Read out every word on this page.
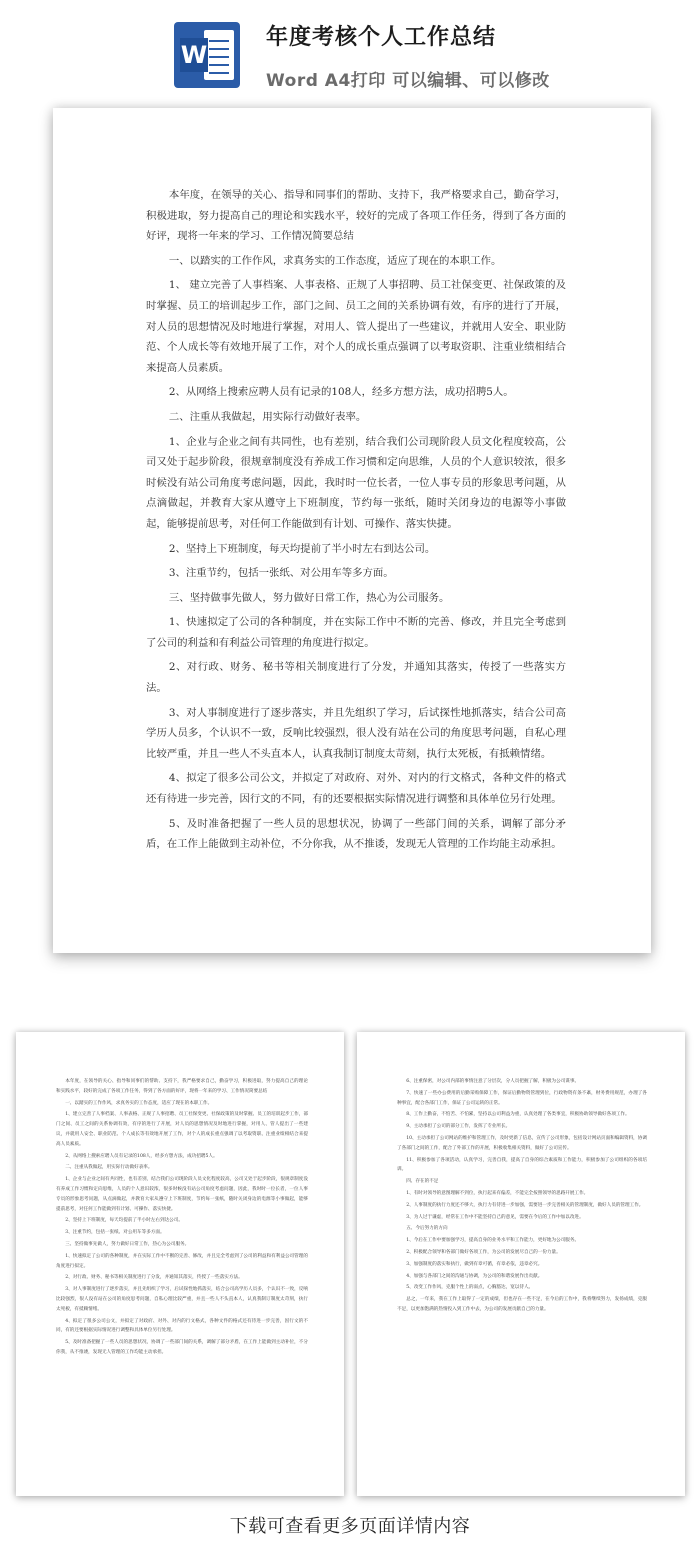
W
年度考核个人工作总结
Word A4打印 可以编辑、可以修改

本年度，在领导的关心、指导和同事们的帮助、支持下，我严格要求自己，勤奋学习，积极进取，努力提高自己的理论和实践水平，较好的完成了各项工作任务，得到了各方面的好评，现将一年来的学习、工作情况简要总结

一、以踏实的工作作风，求真务实的工作态度，适应了现在的本职工作。

1、 建立完善了人事档案、人事表格、正规了人事招聘、员工社保变更、社保政策的及时掌握、员工的培训起步工作，部门之间、员工之间的关系协调有效，有序的进行了开展，对人员的思想情况及时地进行掌握，对用人、管人提出了一些建议，并就用人安全、职业防范、个人成长等有效地开展了工作，对个人的成长重点强调了以考取资职、注重业绩相结合来提高人员素质。

2、从网络上搜索应聘人员有记录的108人，经多方想方法，成功招聘5人。

二、注重从我做起，用实际行动做好表率。

1、企业与企业之间有共同性，也有差别，结合我们公司现阶段人员文化程度较高，公司又处于起步阶段，很规章制度没有养成工作习惯和定向思维，人员的个人意识较浓，很多时候没有站公司角度考虑问题，因此，我时时一位长者，一位人事专员的形象思考问题，从点滴做起，并教育大家从遵守上下班制度，节约每一张纸，随时关闭身边的电源等小事做起，能够提前思考，对任何工作能做到有计划、可操作、落实快捷。

2、坚持上下班制度，每天均提前了半小时左右到达公司。

3、注重节约，包括一张纸、对公用车等多方面。

三、坚持做事先做人，努力做好日常工作，热心为公司服务。

1、快速拟定了公司的各种制度，并在实际工作中不断的完善、修改，并且完全考虑到了公司的利益和有利益公司管理的角度进行拟定。

2、对行政、财务、秘书等相关制度进行了分发，并通知其落实，传授了一些落实方法。

3、对人事制度进行了逐步落实，并且先组织了学习，后试探性地抓落实，结合公司高学历人员多，个认识不一致，反响比较强烈，很人没有站在公司的角度思考问题，自私心理比较严重，并且一些人不头直本人，认真我制订制度太苛刻，执行太死板，有抵赖情绪。

4、拟定了很多公司公文，并拟定了对政府、对外、对内的行文格式，各种文件的格式还有待进一步完善，因行文的不同，有的还要根据实际情况进行调整和具体单位另行处理。

5、及时准备把握了一些人员的思想状况，协调了一些部门间的关系，调解了部分矛盾，在工作上能做到主动补位，不分你我，从不推诿，发现无人管理的工作均能主动承担。

本年度，在领导的关心、指导和同事们的帮助、支持下，我严格要求自己，勤奋学习，积极进取，努力提高自己的理论和实践水平，较好的完成了各项工作任务，得到了各方面的好评，现将一年来的学习、工作情况简要总结

一、以踏实的工作作风，求真务实的工作态度，适应了现在的本职工作。

1、建立完善了人事档案、人事表格、正规了人事招聘、员工社保变更、社保政策的及时掌握、员工的培训起步工作，部门之间、员工之间的关系协调有效，有序的进行了开展，对人员的思想情况及时地进行掌握，对用人、管人提出了一些建议，并就用人安全、职业防范、个人成长等有效地开展了工作，对个人的成长重点强调了以考取资职、注重业绩相结合来提高人员素质。

2、从网络上搜索应聘人员有记录的108人，经多方想方法，成功招聘5人。

二、注重从我做起，用实际行动做好表率。

1、企业与企业之间有共同性，也有差别，结合我们公司现阶段人员文化程度较高，公司又处于起步阶段，很规章制度没有养成工作习惯和定向思维，人员的个人意识较浓，很多时候没有站公司角度考虑问题，因此，我时时一位长者，一位人事专员的形象思考问题，从点滴做起，并教育大家从遵守上下班制度，节约每一张纸，随时关闭身边的电源等小事做起，能够提前思考，对任何工作能做到有计划、可操作、落实快捷。

2、坚持上下班制度，每天均提前了半小时左右到达公司。

3、注重节约，包括一张纸、对公用车等多方面。

三、坚持做事先做人，努力做好日常工作，热心为公司服务。

1、快速拟定了公司的各种制度，并在实际工作中不断的完善、修改，并且完全考虑到了公司的利益和有利益公司管理的角度进行拟定。

2、对行政、财务、秘书等相关制度进行了分发，并通知其落实，传授了一些落实方法。

3、对人事制度进行了逐步落实，并且先组织了学习，后试探性地抓落实，结合公司高学历人员多，个认识不一致，反响比较强烈，很人没有站在公司的角度思考问题，自私心理比较严重，并且一些人不头直本人，认真我制订制度太苛刻，执行太死板，有抵赖情绪。

4、拟定了很多公司公文，并拟定了对政府、对外、对内的行文格式，各种文件的格式还有待进一步完善，因行文的不同，有的还要根据实际情况进行调整和具体单位另行处理。

5、及时准备把握了一些人员的思想状况，协调了一些部门间的关系，调解了部分矛盾，在工作上能做到主动补位，不分你我，从不推诿，发现无人管理的工作均能主动承担。

6、注重保密，对公司内部的事情注意了分层次，分人员把握了解，积极为公司谋事。

7、快速了一些办公费用的后勤采购保障工作，保证后勤物资管理到位，行政物资有条不紊，财务费用规范，办理了各种事宜，配合各部门工作，保证了公司运转的正常。

8、工作上勤奋，不怕苦、不怕累，坚持以公司利益为重，认真处理了各类事宜，积极协助领导做好各项工作。

9、主动承担了公司的部分工作，发挥了专业所长。

10、主动承担了公司网站的维护和管理工作，及时更新了信息，宣传了公司形象，包括设计网站页面和编辑资料，协调了各部门之间的工作，配合了外部工作的开展，积极收集相关资料，做好了公司宣传。

11、积极参加了各项活动，认真学习，完善自我，提高了自身的综合素质和工作能力，积极参加了公司组织的各项培训。

四、存在的不足

1、有时对领导的意图理解不到位，执行起来有偏差，不能完全按照领导的思路开展工作。

2、人事制度的执行力度还不够大，执行力有待进一步加强，需要进一步完善相关的管理制度，做好人员的管理工作。

3、为人过于谦虚，经常在工作中不能坚持自己的意见，需要在今后的工作中加以改进。

五、今后努力的方向

1、今后在工作中要加强学习，提高自身的业务水平和工作能力，更好地为公司服务。

2、积极配合领导和各部门做好各项工作，为公司的发展尽自己的一份力量。

3、加强制度的落实和执行，做到有章可循，有章必依，违章必究。

4、加强与各部门之间的沟通与协调，为公司的和谐发展作出贡献。

5、改变工作作风，克服个性上的弱点，心胸豁达，宽以待人。

总之，一年来，我在工作上取得了一定的成绩，但也存在一些不足，在今后的工作中，我将继续努力，发扬成绩，克服不足，以更加饱满的热情投入到工作中去，为公司的发展贡献自己的力量。

下载可查看更多页面详情内容
